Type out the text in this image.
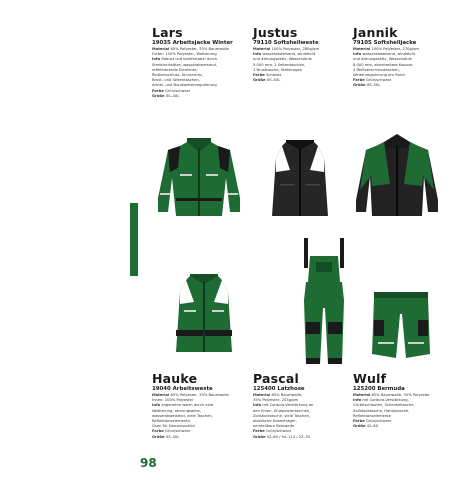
98
Lars
19035 Arbeitsjacke Winter
Material 65% Polyester, 35% Baumwolle
Futter: 100% Polyester, Wattierung
Info Robust und komfortabel durch
Stretcheinsätze, wasserabweisend,
reflektierende Elemente,
Reißverschluss, Kinnschutz,
Brust- und Seitentaschen,
Ärmel- und Bundweitenregulierung
Farbe Grün/schwarz
Größe XS–4XL
Justus
79110 Softshellweste
Material 100% Polyester, 280g/qm
Info wasserabweisend, winddicht
und atmungsaktiv, Wassersäule
5.000 mm, 2 Seitentaschen,
1 Brusttasche, Stehkragen
Farbe Schwarz
Größe XS–5XL
Jannik
79105 Softshelljacke
Material 100% Polyester, 270g/qm
Info wasserabweisend, winddicht
und atmungsaktiv, Wassersäule
8.000 mm, abnehmbare Kapuze,
4 Reißverschlusstaschen,
Weitenregulierung am Bund
Farbe Grün/schwarz
Größe XS–5XL
Hauke
19040 Arbeitsweste
Material 65% Polyester, 35% Baumwolle
Innen: 100% Polyester
Info angenehm warm durch eine
Wattierung, atmungsaktiv,
wasserabweisend, viele Taschen,
Reflektionselemente,
Ösen für Namensschild
Farbe Grün/schwarz
Größe XS–4XL
Pascal
125400 Latzhose
Material 65% Baumwolle,
35% Polyester, 245g/qm
Info mit Cordura-Verstärkung an
den Knien, Kniepolstertaschen,
Zollstocktasche, viele Taschen,
elastische Hosenträger,
verstellbare Beinweite
Farbe Grün/schwarz
Größe 42–60 / 94–114 / 23–30
Wulf
125200 Bermuda
Material 65% Baumwolle, 35% Polyester
Info mit Cordura-Verstärkung,
Gürtelschlaufen, Schenkeltasche,
Zollstocktasche, Handytasche,
Reflektionselemente
Farbe Grün/schwarz
Größe 42–60
